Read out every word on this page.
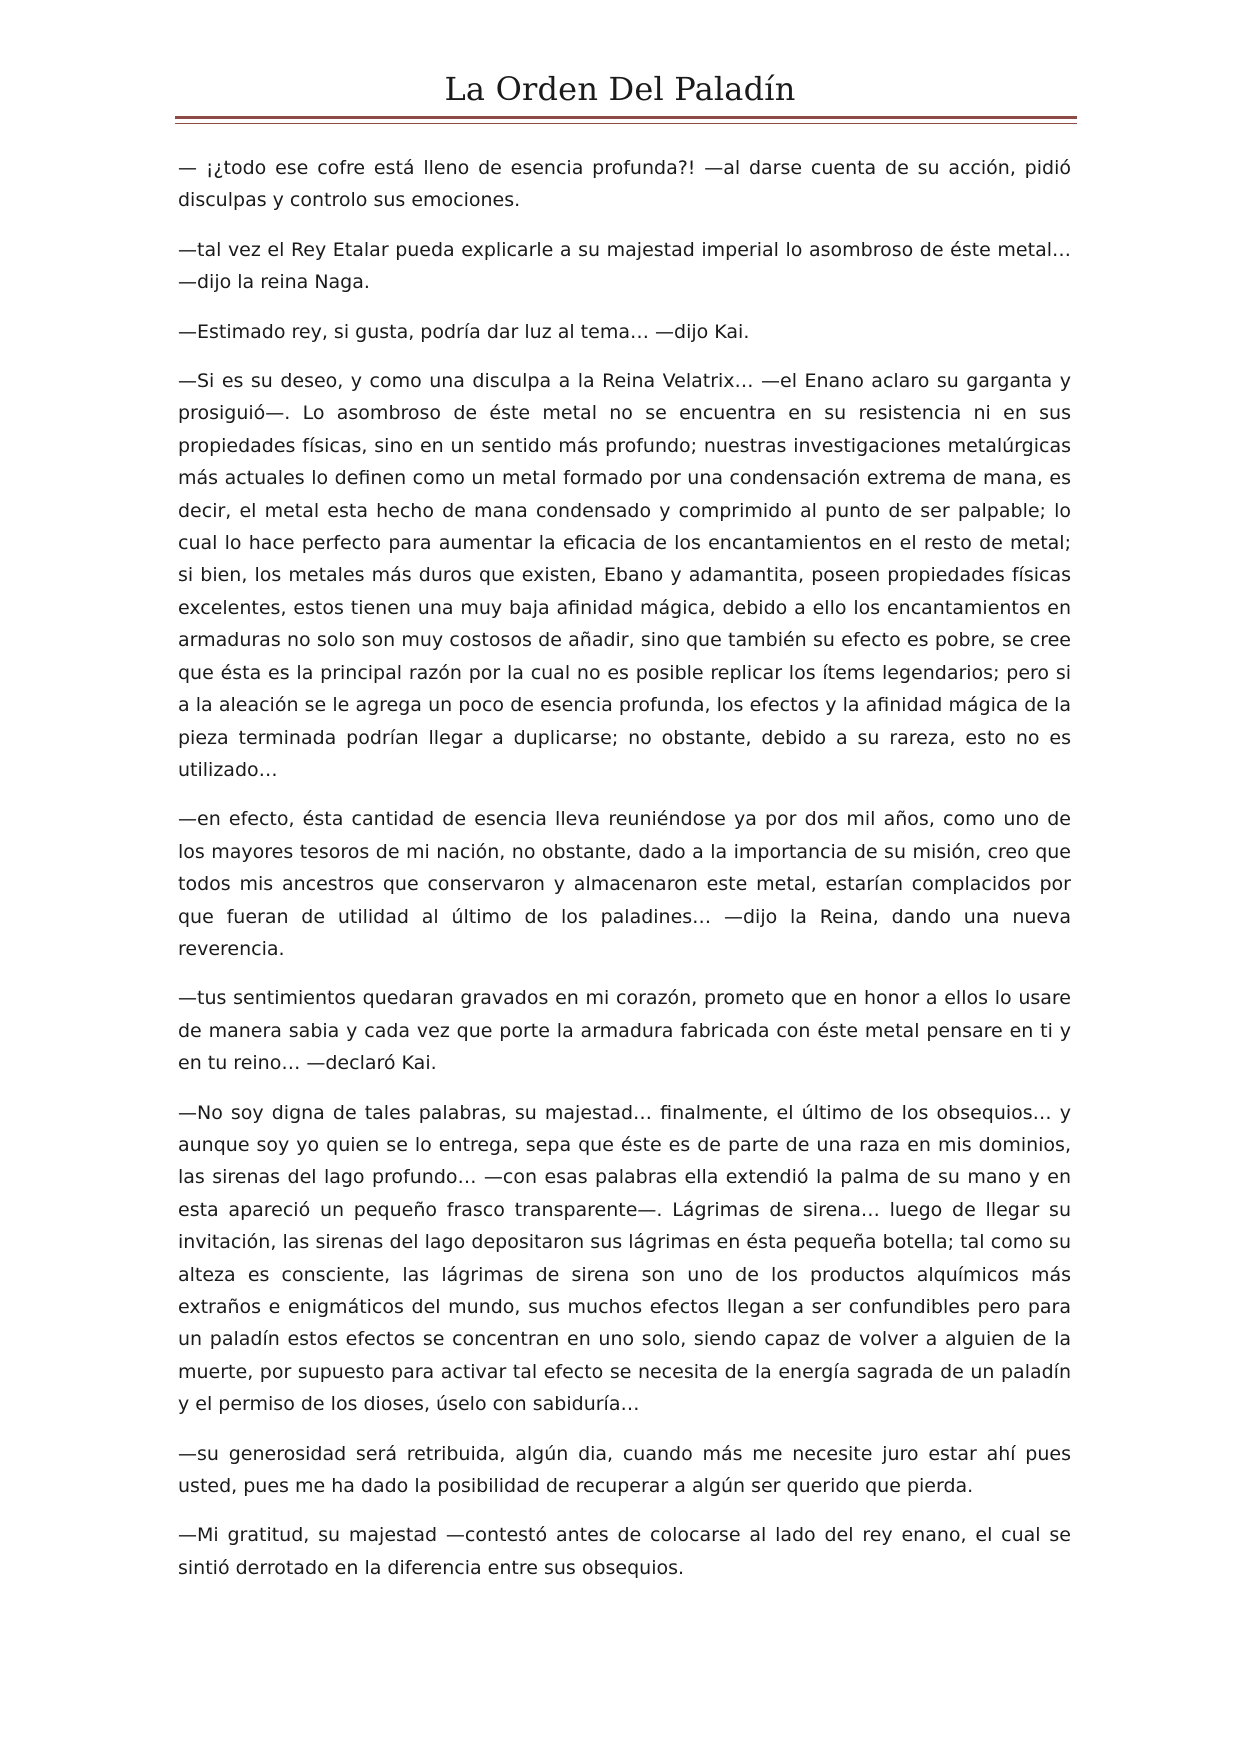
La Orden Del Paladín

— ¡¿todo ese cofre está lleno de esencia profunda?! —al darse cuenta de su acción, pidió disculpas y controlo sus emociones.

—tal vez el Rey Etalar pueda explicarle a su majestad imperial lo asombroso de éste metal… —dijo la reina Naga.

—Estimado rey, si gusta, podría dar luz al tema… —dijo Kai.

—Si es su deseo, y como una disculpa a la Reina Velatrix… —el Enano aclaro su garganta y prosiguió—. Lo asombroso de éste metal no se encuentra en su resistencia ni en sus propiedades físicas, sino en un sentido más profundo; nuestras investigaciones metalúrgicas más actuales lo definen como un metal formado por una condensación extrema de mana, es decir, el metal esta hecho de mana condensado y comprimido al punto de ser palpable; lo cual lo hace perfecto para aumentar la eficacia de los encantamientos en el resto de metal; si bien, los metales más duros que existen, Ebano y adamantita, poseen propiedades físicas excelentes, estos tienen una muy baja afinidad mágica, debido a ello los encantamientos en armaduras no solo son muy costosos de añadir, sino que también su efecto es pobre, se cree que ésta es la principal razón por la cual no es posible replicar los ítems legendarios; pero si a la aleación se le agrega un poco de esencia profunda, los efectos y la afinidad mágica de la pieza terminada podrían llegar a duplicarse; no obstante, debido a su rareza, esto no es utilizado…

—en efecto, ésta cantidad de esencia lleva reuniéndose ya por dos mil años, como uno de los mayores tesoros de mi nación, no obstante, dado a la importancia de su misión, creo que todos mis ancestros que conservaron y almacenaron este metal, estarían complacidos por que fueran de utilidad al último de los paladines… —dijo la Reina, dando una nueva reverencia.

—tus sentimientos quedaran gravados en mi corazón, prometo que en honor a ellos lo usare de manera sabia y cada vez que porte la armadura fabricada con éste metal pensare en ti y en tu reino… —declaró Kai.

—No soy digna de tales palabras, su majestad… finalmente, el último de los obsequios… y aunque soy yo quien se lo entrega, sepa que éste es de parte de una raza en mis dominios, las sirenas del lago profundo… —con esas palabras ella extendió la palma de su mano y en esta apareció un pequeño frasco transparente—. Lágrimas de sirena… luego de llegar su invitación, las sirenas del lago depositaron sus lágrimas en ésta pequeña botella; tal como su alteza es consciente, las lágrimas de sirena son uno de los productos alquímicos más extraños e enigmáticos del mundo, sus muchos efectos llegan a ser confundibles pero para un paladín estos efectos se concentran en uno solo, siendo capaz de volver a alguien de la muerte, por supuesto para activar tal efecto se necesita de la energía sagrada de un paladín y el permiso de los dioses, úselo con sabiduría…

—su generosidad será retribuida, algún dia, cuando más me necesite juro estar ahí pues usted, pues me ha dado la posibilidad de recuperar a algún ser querido que pierda.

—Mi gratitud, su majestad —contestó antes de colocarse al lado del rey enano, el cual se sintió derrotado en la diferencia entre sus obsequios.
